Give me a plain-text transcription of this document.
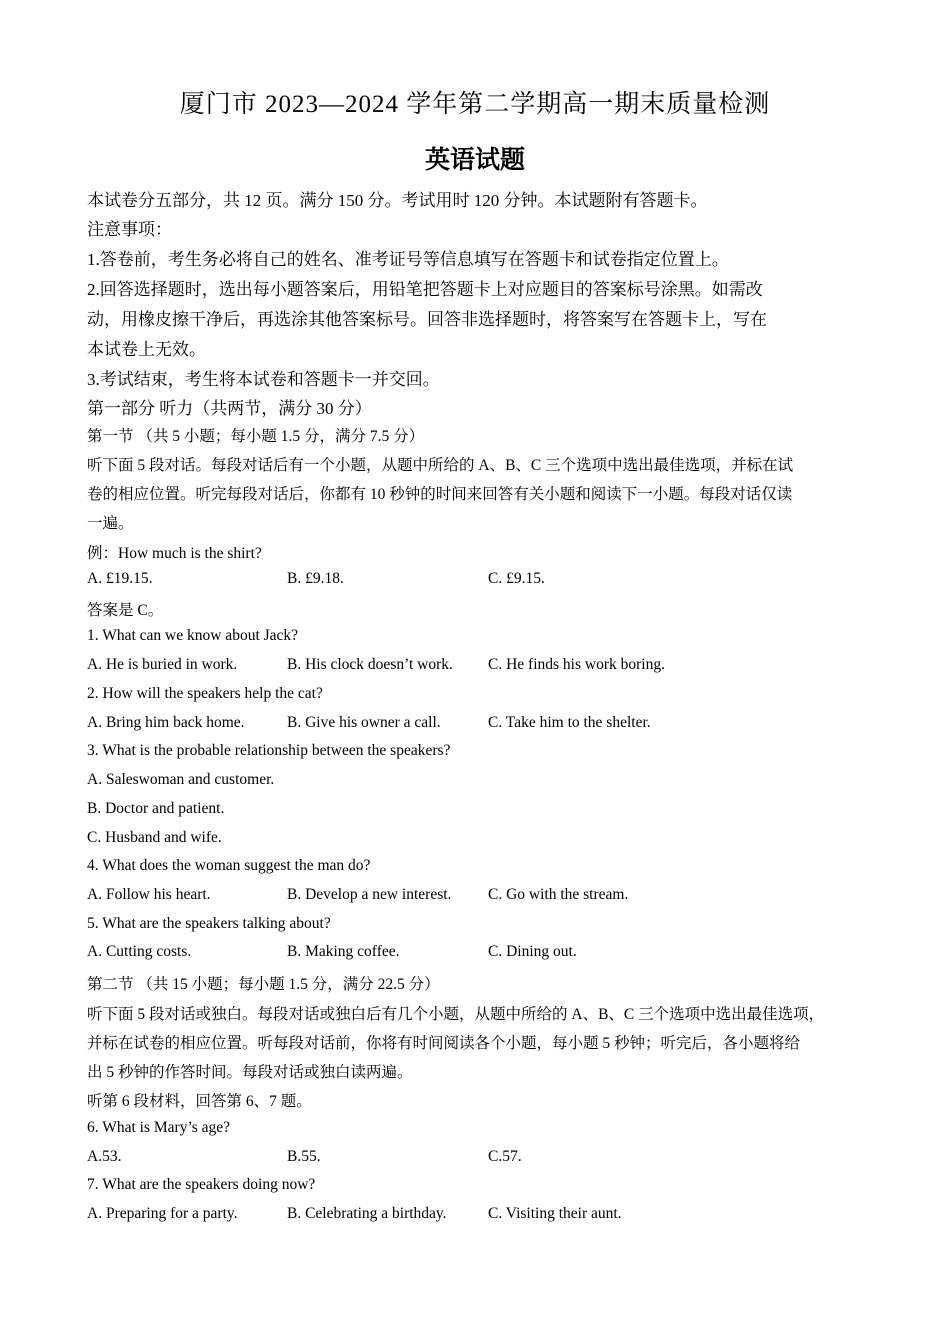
厦门市 2023—2024 学年第二学期高一期末质量检测
英语试题
本试卷分五部分，共 12 页。满分 150 分。考试用时 120 分钟。本试题附有答题卡。
注意事项：
1.答卷前，考生务必将自己的姓名、准考证号等信息填写在答题卡和试卷指定位置上。
2.回答选择题时，选出每小题答案后，用铅笔把答题卡上对应题目的答案标号涂黑。如需改
动，用橡皮擦干净后，再选涂其他答案标号。回答非选择题时，将答案写在答题卡上，写在
本试卷上无效。
3.考试结束，考生将本试卷和答题卡一并交回。
第一部分 听力（共两节，满分 30 分）
第一节 （共 5 小题；每小题 1.5 分，满分 7.5 分）
听下面 5 段对话。每段对话后有一个小题，从题中所给的 A、B、C 三个选项中选出最佳选项，并标在试
卷的相应位置。听完每段对话后，你都有 10 秒钟的时间来回答有关小题和阅读下一小题。每段对话仅读
一遍。
例：How much is the shirt?
A. £19.15.	B. £9.18.	C. £9.15.
答案是 C。
1. What can we know about Jack?
A. He is buried in work.	B. His clock doesn’t work. C. He finds his work boring.
2. How will the speakers help the cat?
A. Bring him back home.	B. Give his owner a call.	C. Take him to the shelter.
3. What is the probable relationship between the speakers?
A. Saleswoman and customer.
B. Doctor and patient.
C. Husband and wife.
4. What does the woman suggest the man do?
A. Follow his heart.	B. Develop a new interest. C. Go with the stream.
5. What are the speakers talking about?
A. Cutting costs.	B. Making coffee.	C. Dining out.
第二节 （共 15 小题；每小题 1.5 分，满分 22.5 分）
听下面 5 段对话或独白。每段对话或独白后有几个小题，从题中所给的 A、B、C 三个选项中选出最佳选项，
并标在试卷的相应位置。听每段对话前，你将有时间阅读各个小题，每小题 5 秒钟；听完后，各小题将给
出 5 秒钟的作答时间。每段对话或独白读两遍。
听第 6 段材料，回答第 6、7 题。
6. What is Mary’s age?
A.53.	B.55.	C.57.
7. What are the speakers doing now?
A. Preparing for a party.	B. Celebrating a birthday.	C. Visiting their aunt.
